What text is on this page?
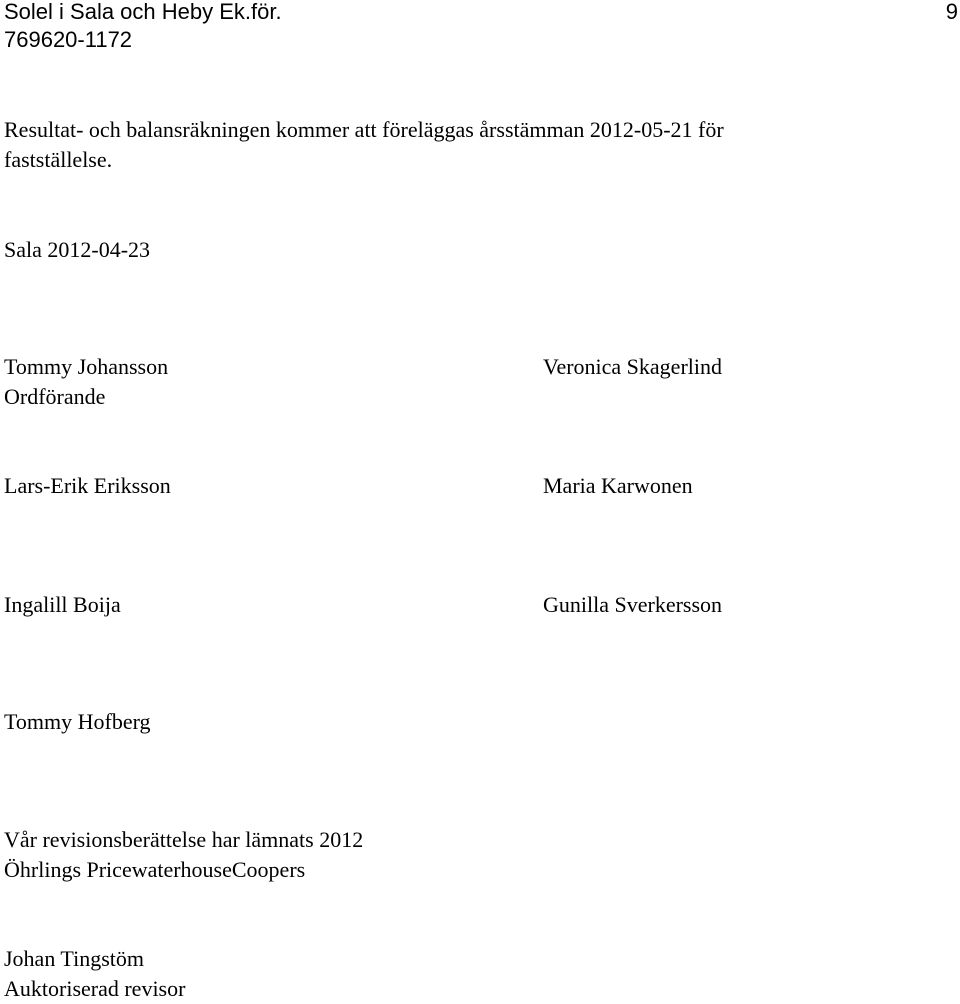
Solel i Sala och Heby Ek.för.
769620-1172
9
Resultat- och balansräkningen kommer att föreläggas årsstämman 2012-05-21 för
fastställelse.
Sala 2012-04-23
Tommy Johansson
Ordförande
Lars-Erik Eriksson
Ingalill Boija
Tommy Hofberg
Veronica Skagerlind
Maria Karwonen
Gunilla Sverkersson
Vår revisionsberättelse har lämnats 2012
Öhrlings PricewaterhouseCoopers
Johan Tingstöm
Auktoriserad revisor
